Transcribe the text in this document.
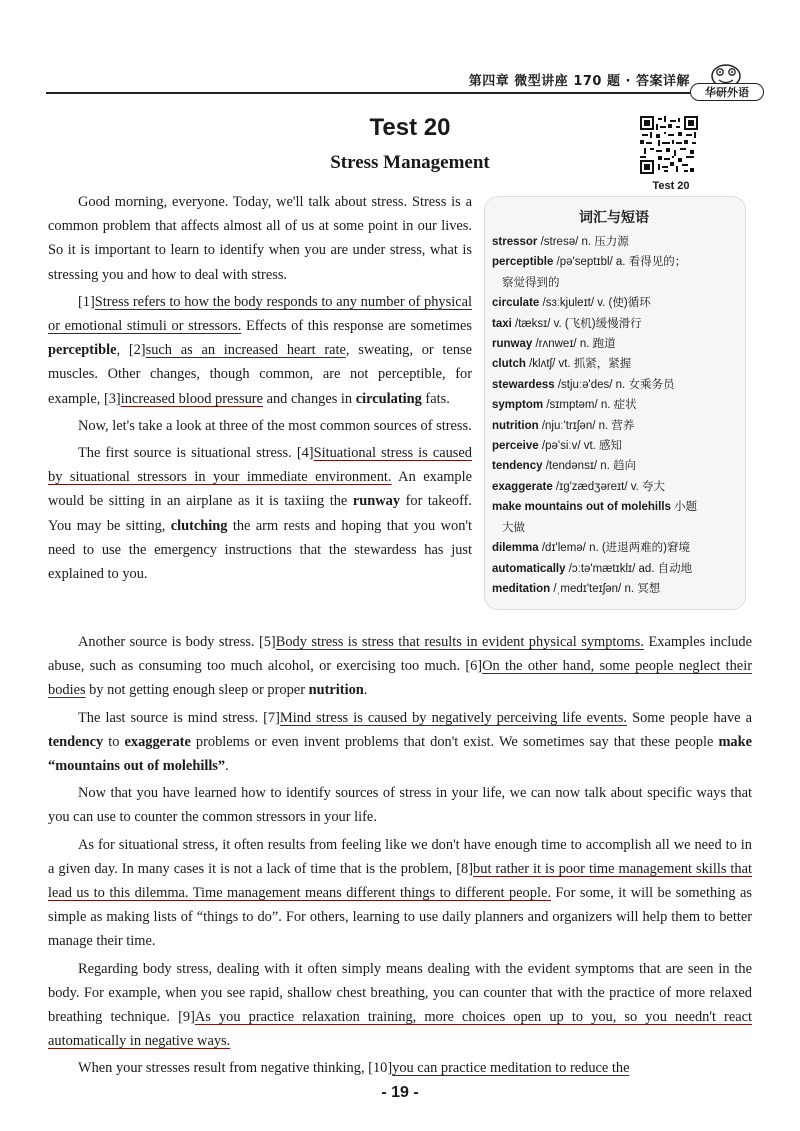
第四章 微型讲座 170 题 · 答案详解
华研外语
Test 20
Stress Management
Test 20
词汇与短语
stressor /stresə/ n. 压力源
perceptible /pə'septɪbl/ a. 看得见的；
察觉得到的
circulate /sɜːkjuleɪt/ v. (使)循环
taxi /tæksɪ/ v. (飞机)缓慢滑行
runway /rʌnweɪ/ n. 跑道
clutch /klʌtʃ/ vt. 抓紧，紧握
stewardess /stjuːə'des/ n. 女乘务员
symptom /sɪmptəm/ n. 症状
nutrition /njuː'trɪʃən/ n. 营养
perceive /pə'siːv/ vt. 感知
tendency /tendənsɪ/ n. 趋向
exaggerate /ɪg'zædʒəreɪt/ v. 夸大
make mountains out of molehills 小题
大做
dilemma /dɪ'lemə/ n. (进退两难的)窘境
automatically /ɔːtə'mætɪklɪ/ ad. 自动地
meditation /ˌmedɪ'teɪʃən/ n. 冥想

Good morning, everyone. Today, we'll talk about stress. Stress is a common problem that affects almost all of us at some point in our lives. So it is important to learn to identify when you are under stress, what is stressing you and how to deal with stress.

[1]Stress refers to how the body responds to any number of physical or emotional stimuli or stressors. Effects of this response are sometimes perceptible, [2]such as an increased heart rate, sweating, or tense muscles. Other changes, though common, are not perceptible, for example, [3]increased blood pressure and changes in circulating fats.

Now, let's take a look at three of the most common sources of stress.

The first source is situational stress. [4]Situational stress is caused by situational stressors in your immediate environment. An example would be sitting in an airplane as it is taxiing the runway for takeoff. You may be sitting, clutching the arm rests and hoping that you won't need to use the emergency instructions that the stewardess has just explained to you.

Another source is body stress. [5]Body stress is stress that results in evident physical symptoms. Examples include abuse, such as consuming too much alcohol, or exercising too much. [6]On the other hand, some people neglect their bodies by not getting enough sleep or proper nutrition.

The last source is mind stress. [7]Mind stress is caused by negatively perceiving life events. Some people have a tendency to exaggerate problems or even invent problems that don't exist. We sometimes say that these people make “mountains out of molehills”.

Now that you have learned how to identify sources of stress in your life, we can now talk about specific ways that you can use to counter the common stressors in your life.

As for situational stress, it often results from feeling like we don't have enough time to accomplish all we need to in a given day. In many cases it is not a lack of time that is the problem, [8]but rather it is poor time management skills that lead us to this dilemma. Time management means different things to different people. For some, it will be something as simple as making lists of “things to do”. For others, learning to use daily planners and organizers will help them to better manage their time.

Regarding body stress, dealing with it often simply means dealing with the evident symptoms that are seen in the body. For example, when you see rapid, shallow chest breathing, you can counter that with the practice of more relaxed breathing technique. [9]As you practice relaxation training, more choices open up to you, so you needn't react automatically in negative ways.

When your stresses result from negative thinking, [10]you can practice meditation to reduce the

- 19 -
